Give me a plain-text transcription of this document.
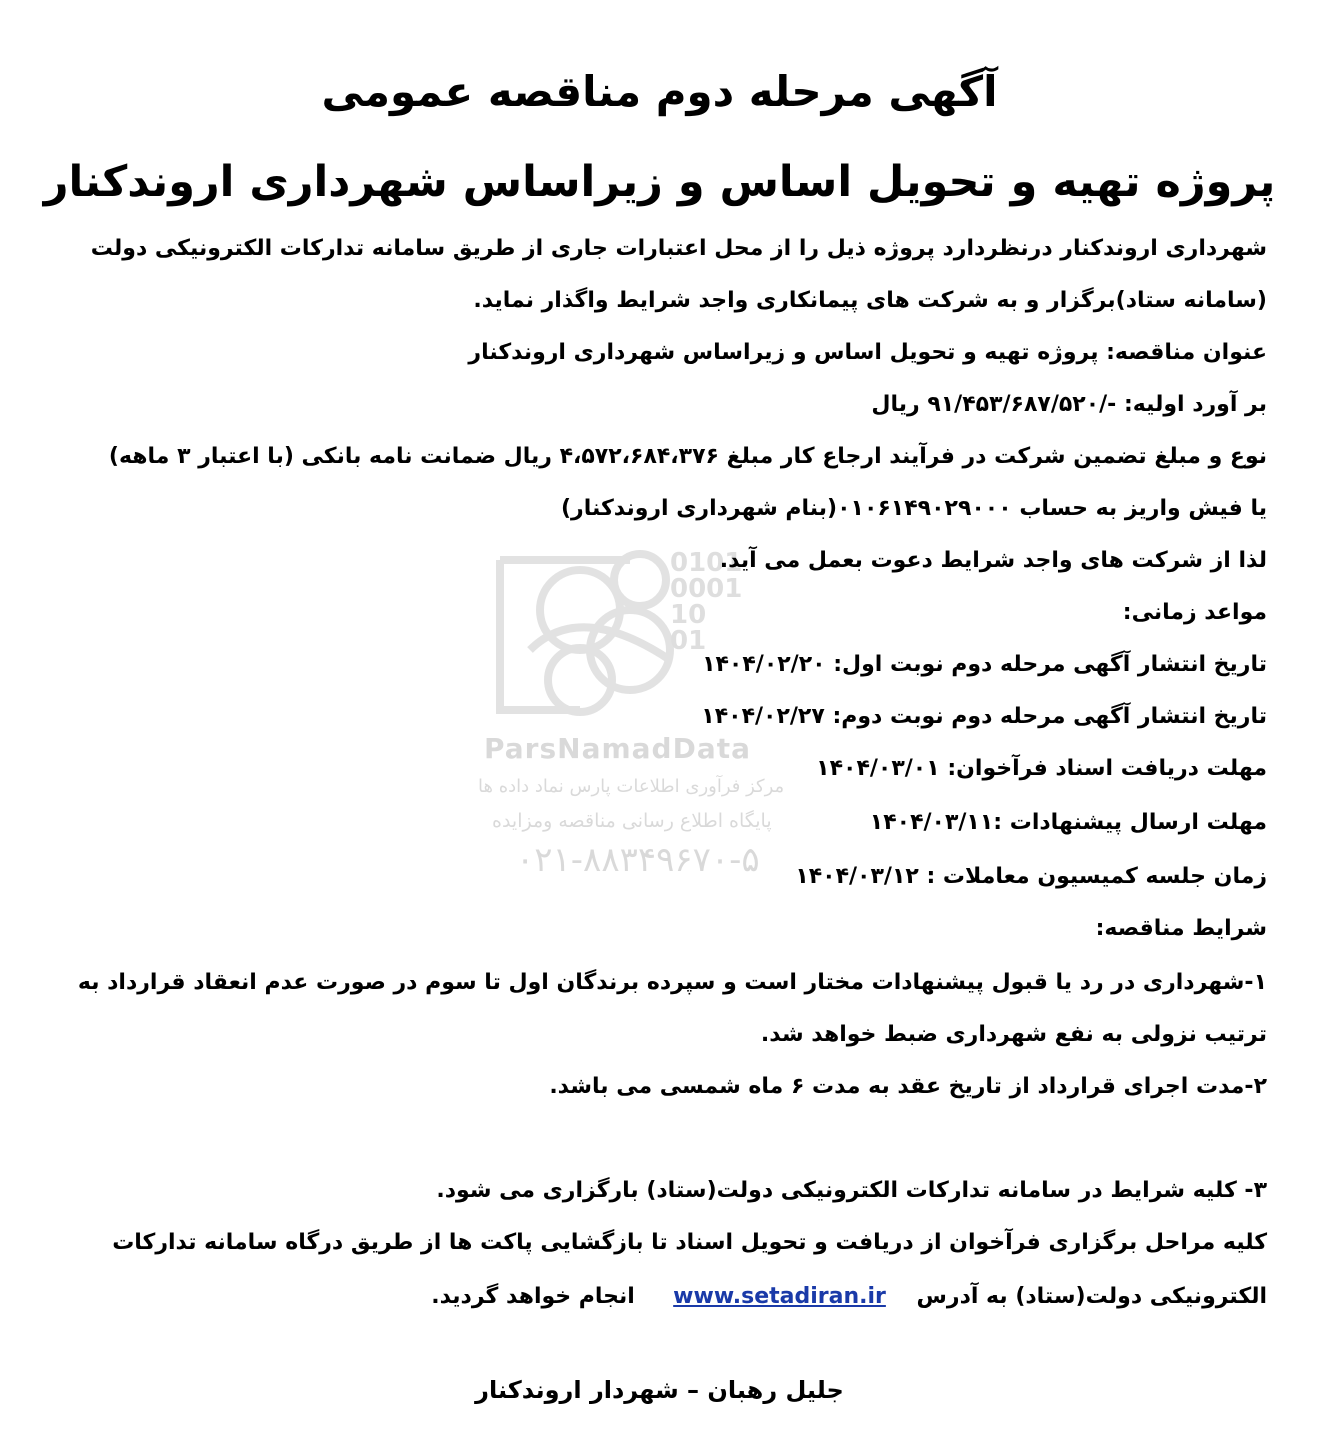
0101
0001
10
01
ParsNamadData
مرکز فرآوری اطلاعات پارس نماد داده ها
پایگاه اطلاع رسانی مناقصه ومزایده
۰۲۱-۸۸۳۴۹۶۷۰-۵
آگهی مرحله دوم مناقصه عمومی
پروژه تهیه و تحویل اساس و زیراساس شهرداری اروندکنار
شهرداری اروندکنار درنظردارد پروژه ذیل را از محل اعتبارات جاری از طریق سامانه تدارکات الکترونیکی دولت
(سامانه ستاد)برگزار و به شرکت های پیمانکاری واجد شرایط واگذار نماید.
عنوان مناقصه: پروژه تهیه و تحویل اساس و زیراساس شهرداری اروندکنار
بر آورد اولیه: -/۹۱/۴۵۳/۶۸۷/۵۲۰ ریال
نوع و مبلغ تضمین شرکت در فرآیند ارجاع کار مبلغ ۴،۵۷۲،۶۸۴،۳۷۶ ریال ضمانت نامه بانکی (با اعتبار ۳ ماهه)
یا فیش واریز به حساب ۰۱۰۶۱۴۹۰۲۹۰۰۰(بنام شهرداری اروندکنار)
لذا از شرکت های واجد شرایط دعوت بعمل می آید.
مواعد زمانی:
تاریخ انتشار آگهی مرحله دوم نوبت اول: ۱۴۰۴/۰۲/۲۰
تاریخ انتشار آگهی مرحله دوم نوبت دوم: ۱۴۰۴/۰۲/۲۷
مهلت دریافت اسناد فرآخوان: ۱۴۰۴/۰۳/۰۱
مهلت ارسال پیشنهادات :۱۴۰۴/۰۳/۱۱
زمان جلسه کمیسیون معاملات : ۱۴۰۴/۰۳/۱۲
شرایط مناقصه:
۱-شهرداری در رد یا قبول پیشنهادات مختار است و سپرده برندگان اول تا سوم در صورت عدم انعقاد قرارداد به
ترتیب نزولی به نفع شهرداری ضبط خواهد شد.
۲-مدت اجرای قرارداد از تاریخ عقد به مدت ۶ ماه شمسی می باشد.
۳- کلیه شرایط در سامانه تدارکات الکترونیکی دولت(ستاد) بارگزاری می شود.
کلیه مراحل برگزاری فرآخوان از دریافت و تحویل اسناد تا بازگشایی پاکت ها از طریق درگاه سامانه تدارکات
الکترونیکی دولت(ستاد) به آدرس    www.setadiran.ir     انجام خواهد گردید.
جلیل رهبان – شهردار اروندکنار
